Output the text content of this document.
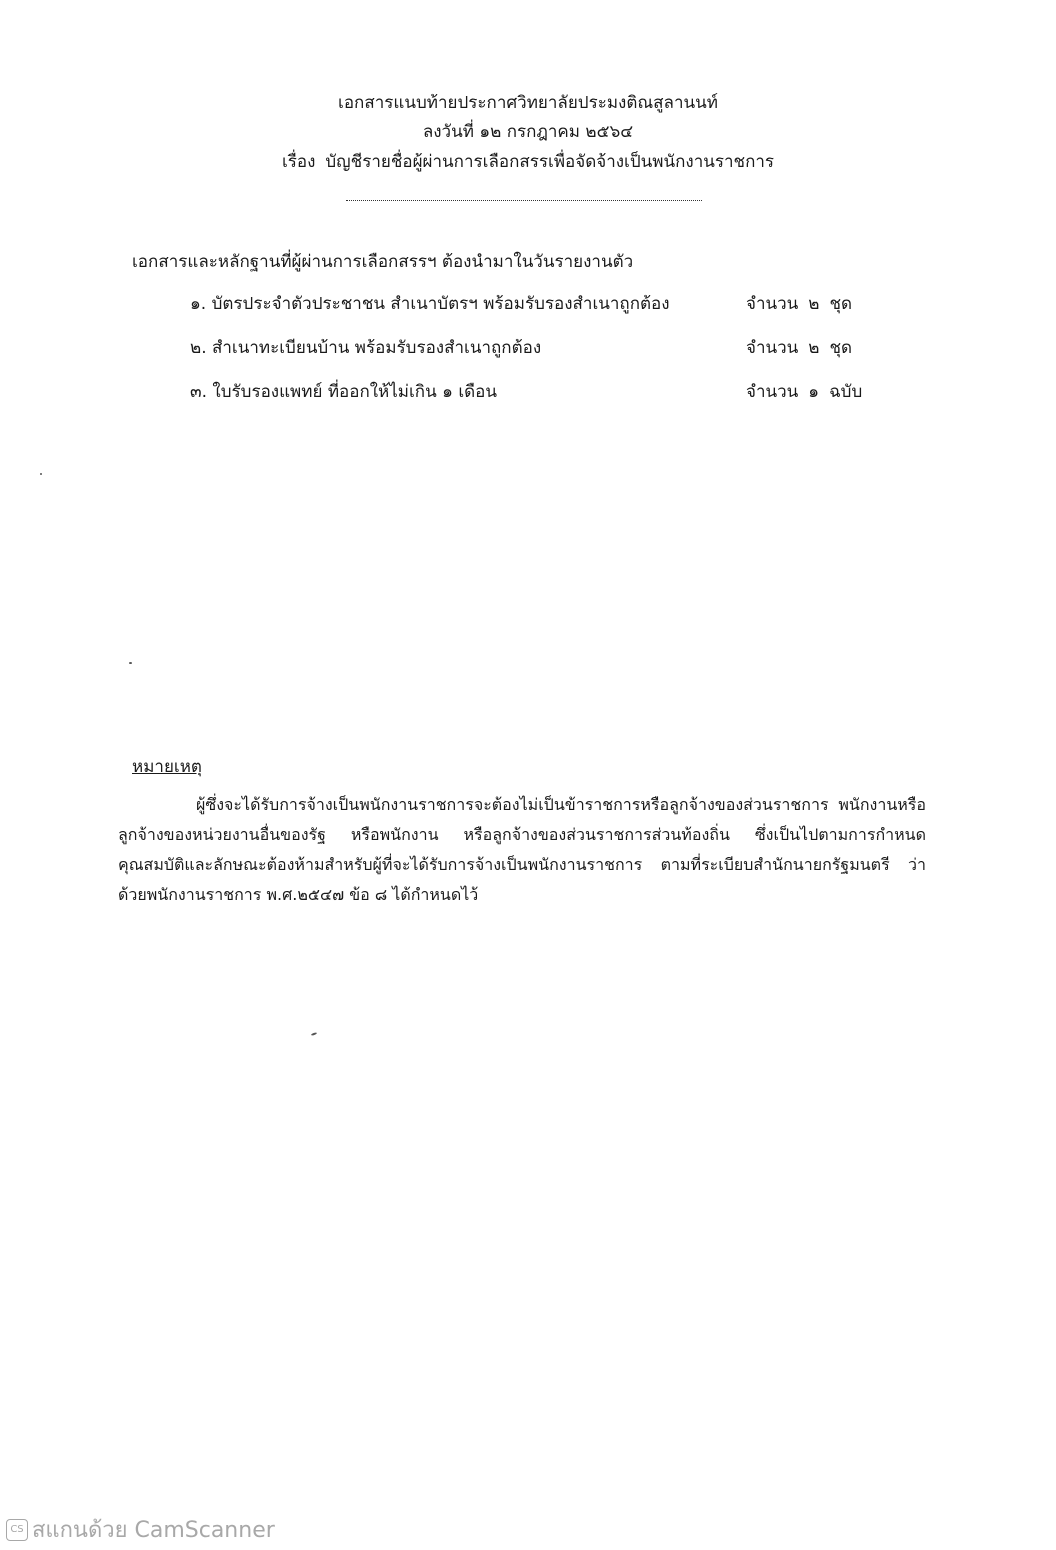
เอกสารแนบท้ายประกาศวิทยาลัยประมงติณสูลานนท์
ลงวันที่ ๑๒ กรกฎาคม ๒๕๖๔
เรื่อง บัญชีรายชื่อผู้ผ่านการเลือกสรรเพื่อจัดจ้างเป็นพนักงานราชการ
เอกสารและหลักฐานที่ผู้ผ่านการเลือกสรรฯ ต้องนำมาในวันรายงานตัว
๑. บัตรประจำตัวประชาชน สำเนาบัตรฯ พร้อมรับรองสำเนาถูกต้อง	จำนวน ๒ ชุด
๒. สำเนาทะเบียนบ้าน พร้อมรับรองสำเนาถูกต้อง	จำนวน ๒ ชุด
๓. ใบรับรองแพทย์ ที่ออกให้ไม่เกิน ๑ เดือน	จำนวน ๑ ฉบับ
หมายเหตุ
ผู้ซึ่งจะได้รับการจ้างเป็นพนักงานราชการจะต้องไม่เป็นข้าราชการหรือลูกจ้างของส่วนราชการ พนักงานหรือลูกจ้างของหน่วยงานอื่นของรัฐ หรือพนักงาน หรือลูกจ้างของส่วนราชการส่วนท้องถิ่น ซึ่งเป็นไปตามการกำหนดคุณสมบัติและลักษณะต้องห้ามสำหรับผู้ที่จะได้รับการจ้างเป็นพนักงานราชการ ตามที่ระเบียบสำนักนายกรัฐมนตรี ว่าด้วยพนักงานราชการ พ.ศ.๒๕๔๗ ข้อ ๘ ได้กำหนดไว้
CS สแกนด้วย CamScanner
